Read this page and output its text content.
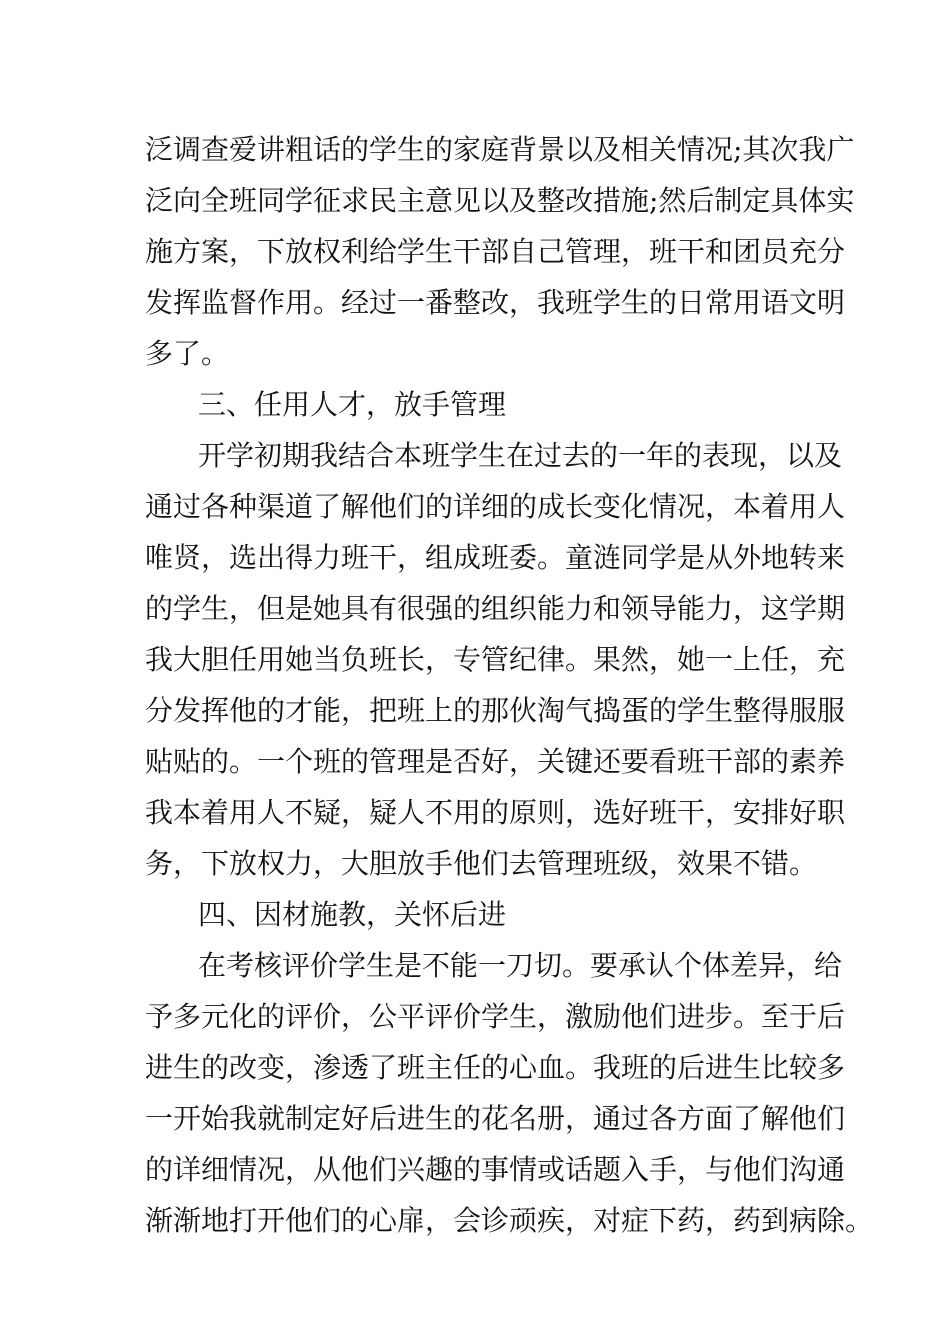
泛调查爱讲粗话的学生的家庭背景以及相关情况;其次我广
泛向全班同学征求民主意见以及整改措施;然后制定具体实
施方案，下放权利给学生干部自己管理，班干和团员充分
发挥监督作用。经过一番整改，我班学生的日常用语文明
多了。
三、任用人才，放手管理
开学初期我结合本班学生在过去的一年的表现，以及
通过各种渠道了解他们的详细的成长变化情况，本着用人
唯贤，选出得力班干，组成班委。童涟同学是从外地转来
的学生，但是她具有很强的组织能力和领导能力，这学期
我大胆任用她当负班长，专管纪律。果然，她一上任，充
分发挥他的才能，把班上的那伙淘气捣蛋的学生整得服服
贴贴的。一个班的管理是否好，关键还要看班干部的素养
我本着用人不疑，疑人不用的原则，选好班干，安排好职
务，下放权力，大胆放手他们去管理班级，效果不错。
四、因材施教，关怀后进
在考核评价学生是不能一刀切。要承认个体差异，给
予多元化的评价，公平评价学生，激励他们进步。至于后
进生的改变，渗透了班主任的心血。我班的后进生比较多
一开始我就制定好后进生的花名册，通过各方面了解他们
的详细情况，从他们兴趣的事情或话题入手，与他们沟通
渐渐地打开他们的心扉，会诊顽疾，对症下药，药到病除。
